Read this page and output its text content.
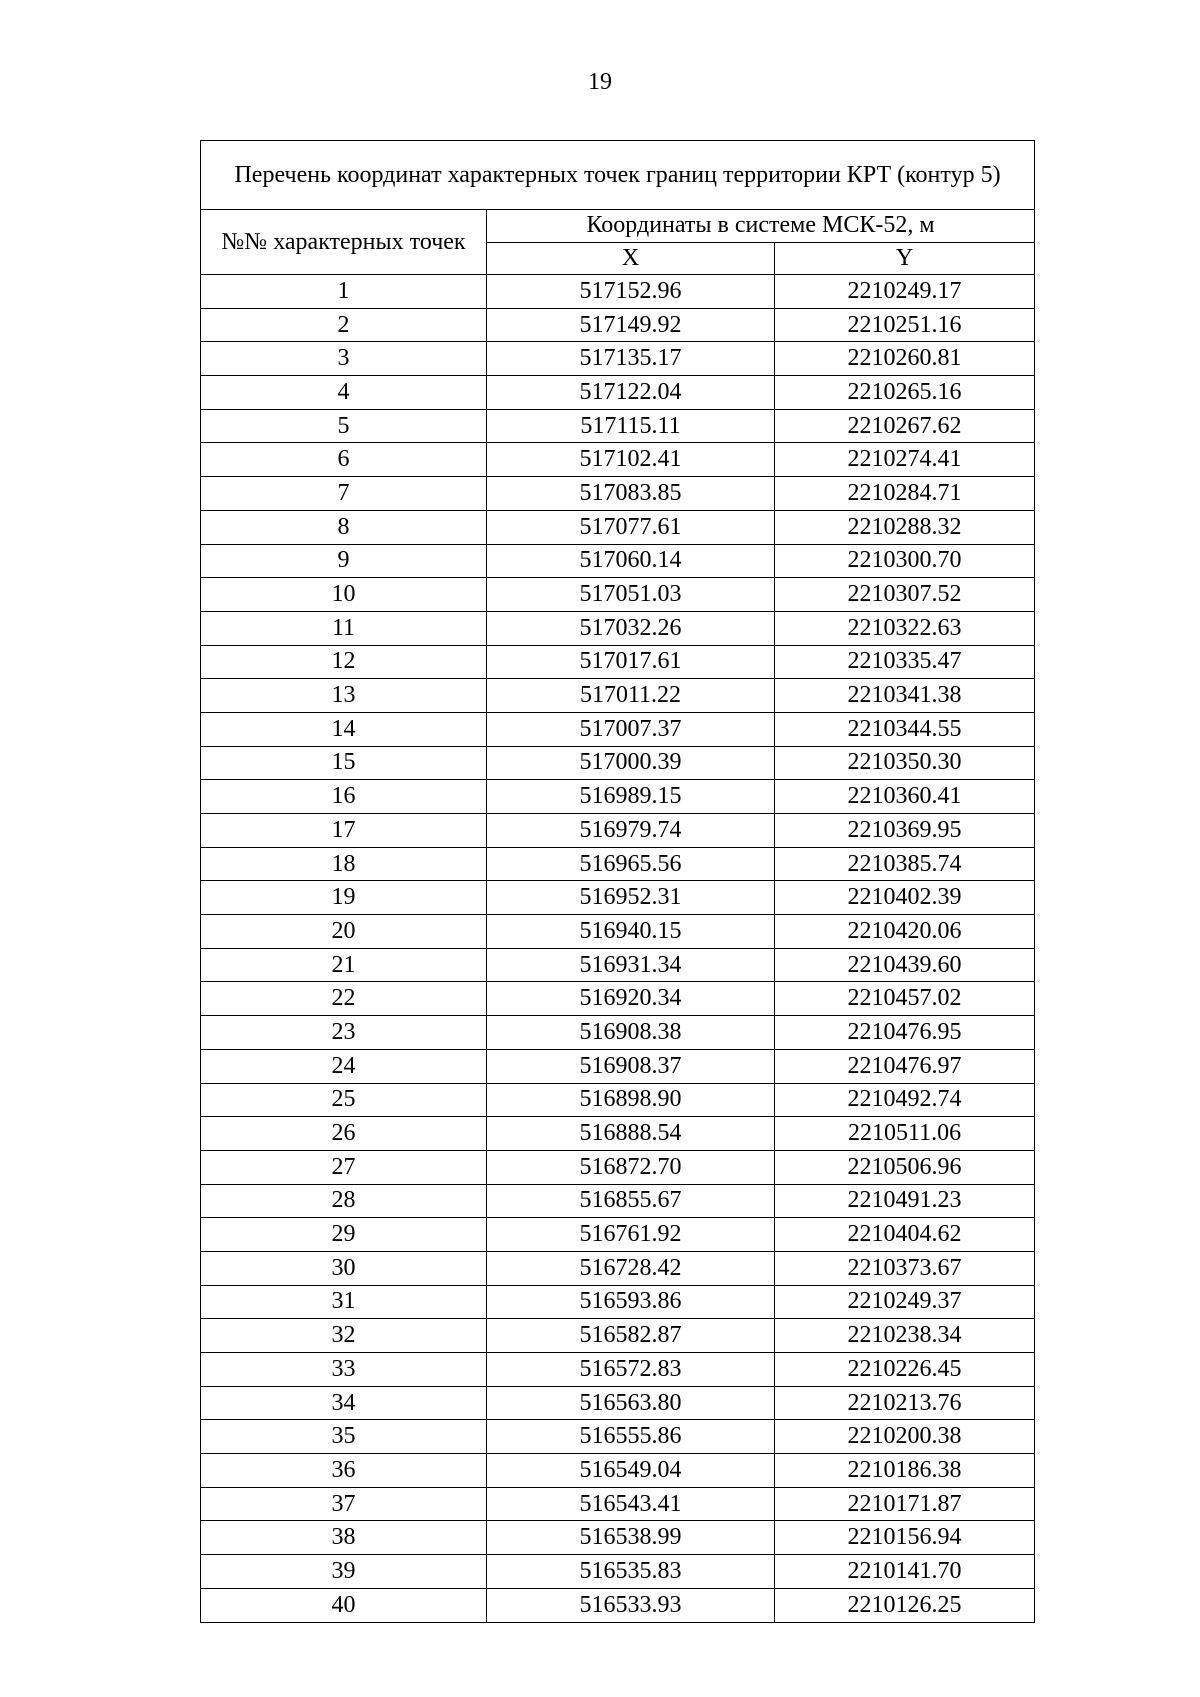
19
Перечень координат характерных точек границ территории КРТ (контур 5)		
№№ характерных точек	Координаты в системе МСК-52, м	
	X	Y
1	517152.96	2210249.17
2	517149.92	2210251.16
3	517135.17	2210260.81
4	517122.04	2210265.16
5	517115.11	2210267.62
6	517102.41	2210274.41
7	517083.85	2210284.71
8	517077.61	2210288.32
9	517060.14	2210300.70
10	517051.03	2210307.52
11	517032.26	2210322.63
12	517017.61	2210335.47
13	517011.22	2210341.38
14	517007.37	2210344.55
15	517000.39	2210350.30
16	516989.15	2210360.41
17	516979.74	2210369.95
18	516965.56	2210385.74
19	516952.31	2210402.39
20	516940.15	2210420.06
21	516931.34	2210439.60
22	516920.34	2210457.02
23	516908.38	2210476.95
24	516908.37	2210476.97
25	516898.90	2210492.74
26	516888.54	2210511.06
27	516872.70	2210506.96
28	516855.67	2210491.23
29	516761.92	2210404.62
30	516728.42	2210373.67
31	516593.86	2210249.37
32	516582.87	2210238.34
33	516572.83	2210226.45
34	516563.80	2210213.76
35	516555.86	2210200.38
36	516549.04	2210186.38
37	516543.41	2210171.87
38	516538.99	2210156.94
39	516535.83	2210141.70
40	516533.93	2210126.25
